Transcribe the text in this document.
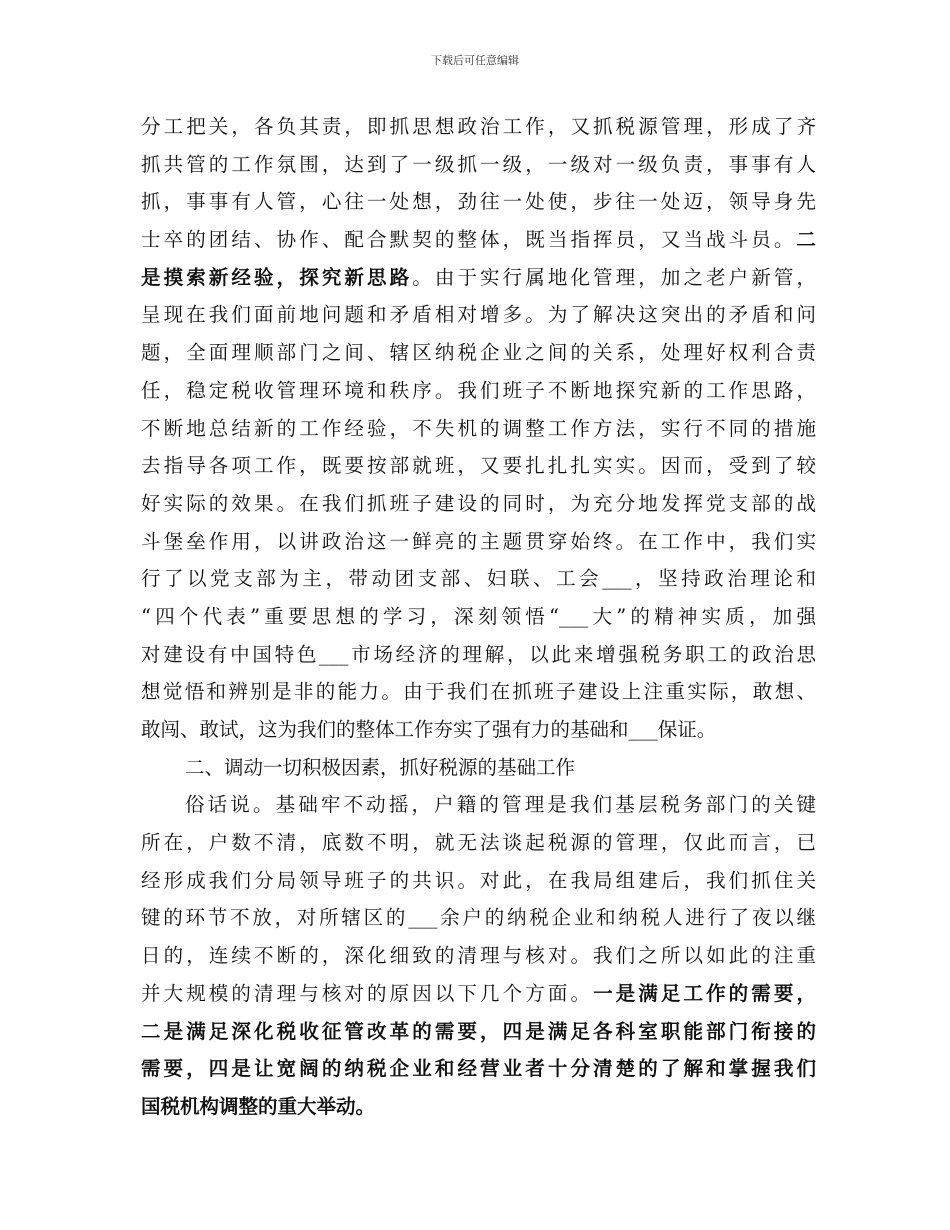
下载后可任意编辑
分工把关，各负其责，即抓思想政治工作，又抓税源管理，形成了齐
抓共管的工作氛围，达到了一级抓一级，一级对一级负责，事事有人
抓，事事有人管，心往一处想，劲往一处使，步往一处迈，领导身先
士卒的团结、协作、配合默契的整体，既当指挥员，又当战斗员。二
是摸索新经验，探究新思路。由于实行属地化管理，加之老户新管，
呈现在我们面前地问题和矛盾相对增多。为了解决这突出的矛盾和问
题，全面理顺部门之间、辖区纳税企业之间的关系，处理好权利合责
任，稳定税收管理环境和秩序。我们班子不断地探究新的工作思路，
不断地总结新的工作经验，不失机的调整工作方法，实行不同的措施
去指导各项工作，既要按部就班，又要扎扎扎实实。因而，受到了较
好实际的效果。在我们抓班子建设的同时，为充分地发挥党支部的战
斗堡垒作用，以讲政治这一鲜亮的主题贯穿始终。在工作中，我们实
行了以党支部为主，带动团支部、妇联、工会___，坚持政治理论和
“四个代表”重要思想的学习，深刻领悟“___大”的精神实质，加强
对建设有中国特色___市场经济的理解，以此来增强税务职工的政治思
想觉悟和辨别是非的能力。由于我们在抓班子建设上注重实际，敢想、
敢闯、敢试，这为我们的整体工作夯实了强有力的基础和___保证。
二、调动一切积极因素，抓好税源的基础工作
俗话说。基础牢不动摇，户籍的管理是我们基层税务部门的关键
所在，户数不清，底数不明，就无法谈起税源的管理，仅此而言，已
经形成我们分局领导班子的共识。对此，在我局组建后，我们抓住关
键的环节不放，对所辖区的___余户的纳税企业和纳税人进行了夜以继
日的，连续不断的，深化细致的清理与核对。我们之所以如此的注重
并大规模的清理与核对的原因以下几个方面。一是满足工作的需要，
二是满足深化税收征管改革的需要，四是满足各科室职能部门衔接的
需要，四是让宽阔的纳税企业和经营业者十分清楚的了解和掌握我们
国税机构调整的重大举动。
